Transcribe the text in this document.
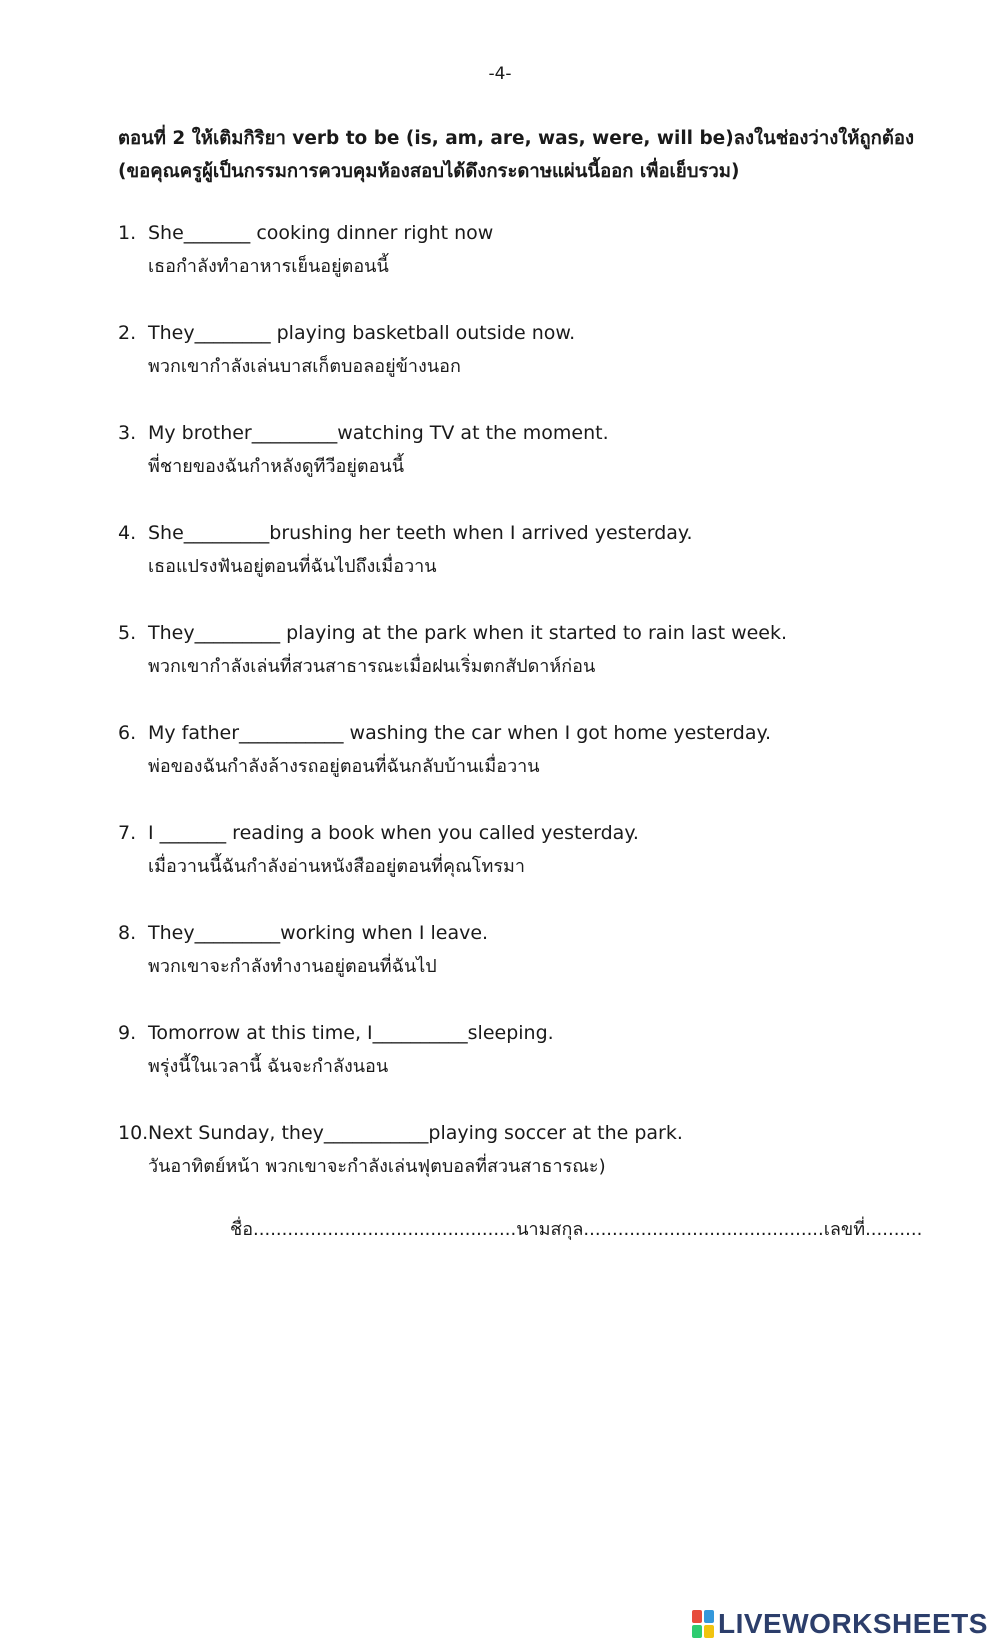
-4-
ตอนที่ 2 ให้เติมกิริยา verb to be (is, am, are, was, were, will be)ลงในช่องว่างให้ถูกต้อง
(ขอคุณครูผู้เป็นกรรมการควบคุมห้องสอบได้ดึงกระดาษแผ่นนี้ออก เพื่อเย็บรวม)
1. She_______ cooking dinner right now
เธอกำลังทำอาหารเย็นอยู่ตอนนี้
2. They________ playing basketball outside now.
พวกเขากำลังเล่นบาสเก็ตบอลอยู่ข้างนอก
3. My brother_________watching TV at the moment.
พี่ชายของฉันกำหลังดูทีวีอยู่ตอนนี้
4. She_________brushing her teeth when I arrived yesterday.
เธอแปรงฟันอยู่ตอนที่ฉันไปถึงเมื่อวาน
5. They_________ playing at the park when it started to rain last week.
พวกเขากำลังเล่นที่สวนสาธารณะเมื่อฝนเริ่มตกสัปดาห์ก่อน
6. My father___________ washing the car when I got home yesterday.
พ่อของฉันกำลังล้างรถอยู่ตอนที่ฉันกลับบ้านเมื่อวาน
7. I _______ reading a book when you called yesterday.
เมื่อวานนี้ฉันกำลังอ่านหนังสืออยู่ตอนที่คุณโทรมา
8. They_________working when I leave.
พวกเขาจะกำลังทำงานอยู่ตอนที่ฉันไป
9. Tomorrow at this time, I__________sleeping.
พรุ่งนี้ในเวลานี้ ฉันจะกำลังนอน
10. Next Sunday, they___________playing soccer at the park.
วันอาทิตย์หน้า พวกเขาจะกำลังเล่นฟุตบอลที่สวนสาธารณะ)
ชื่อ..............................................นามสกุล..........................................เลขที่..........
LIVEWORKSHEETS
